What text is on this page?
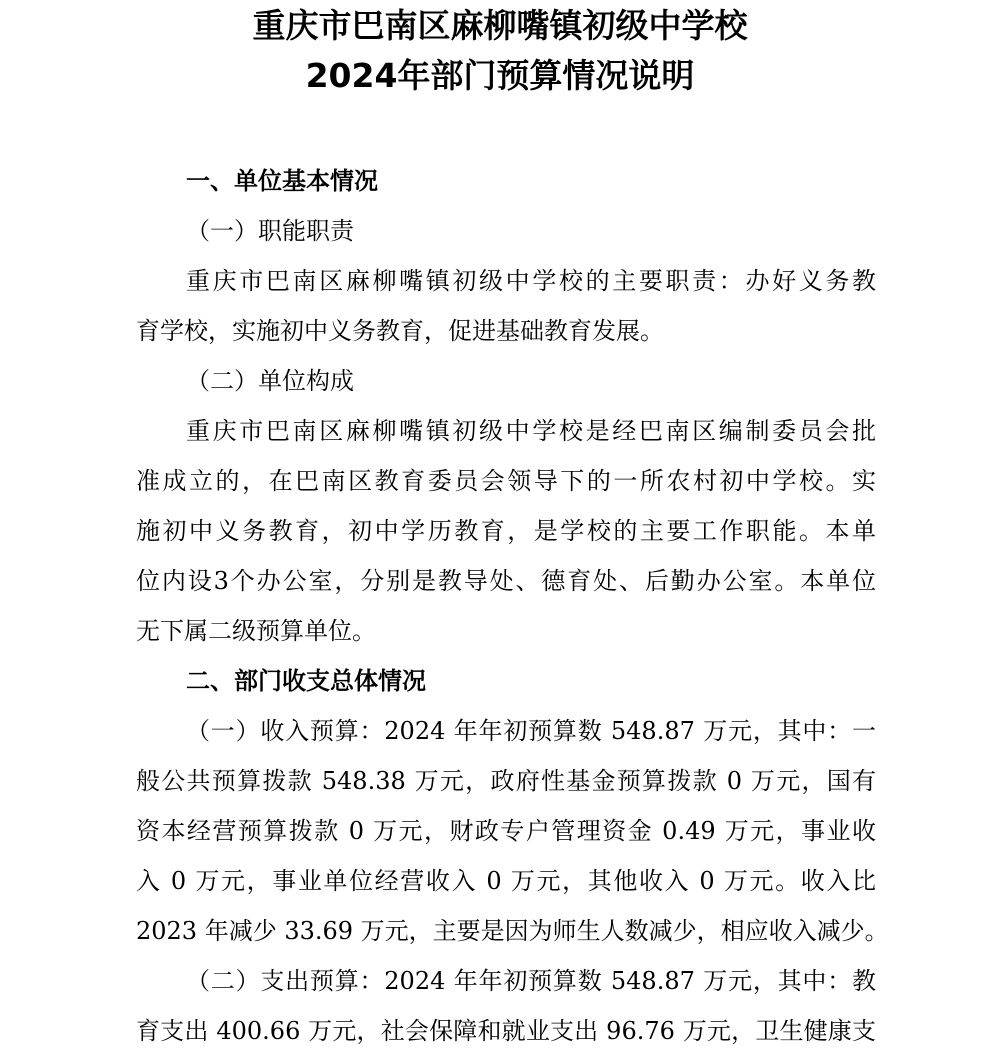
重庆市巴南区麻柳嘴镇初级中学校
2024年部门预算情况说明

一、单位基本情况

（一）职能职责

重庆市巴南区麻柳嘴镇初级中学校的主要职责：办好义务教
育学校，实施初中义务教育，促进基础教育发展。

（二）单位构成

重庆市巴南区麻柳嘴镇初级中学校是经巴南区编制委员会批
准成立的，在巴南区教育委员会领导下的一所农村初中学校。实
施初中义务教育，初中学历教育，是学校的主要工作职能。本单
位内设3个办公室，分别是教导处、德育处、后勤办公室。本单位
无下属二级预算单位。

二、部门收支总体情况

（一）收入预算：2024 年年初预算数 548.87 万元，其中：一
般公共预算拨款 548.38 万元，政府性基金预算拨款 0 万元，国有
资本经营预算拨款 0 万元，财政专户管理资金 0.49 万元，事业收
入 0 万元，事业单位经营收入 0 万元，其他收入 0 万元。收入比
2023 年减少 33.69 万元，主要是因为师生人数减少，相应收入减少。

（二）支出预算：2024 年年初预算数 548.87 万元，其中：教
育支出 400.66 万元，社会保障和就业支出 96.76 万元，卫生健康支
